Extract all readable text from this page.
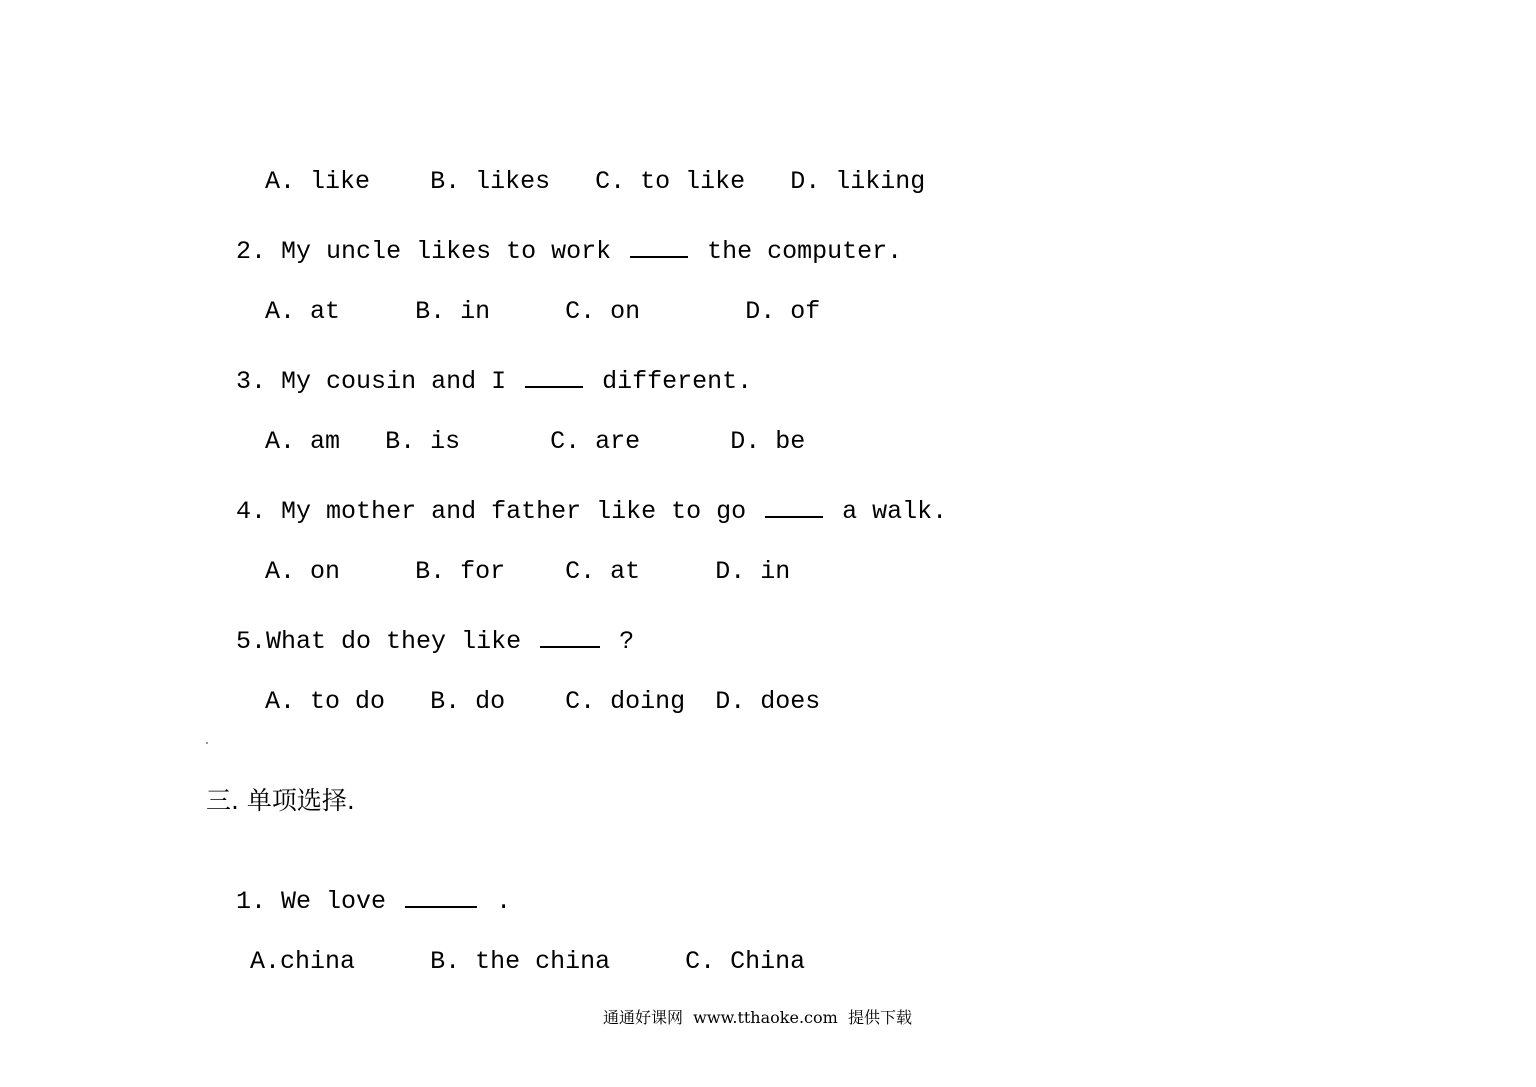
A. like B. likes C. to like D. liking

2. My uncle likes to work	the computer.

A. at	B. in	C. on	D. of

3. My cousin and I	different.

A. am B. is	C. are	D. be

4. My mother and father like to go	a walk.

A. on	B. for C. at	D. in

5.What do they like	?

A. to do B. do C. doing D. does

三. 单项选择.

1. We love	.

A.china	B. the china	C. China

通通好课网  www.tthaoke.com  提供下载
